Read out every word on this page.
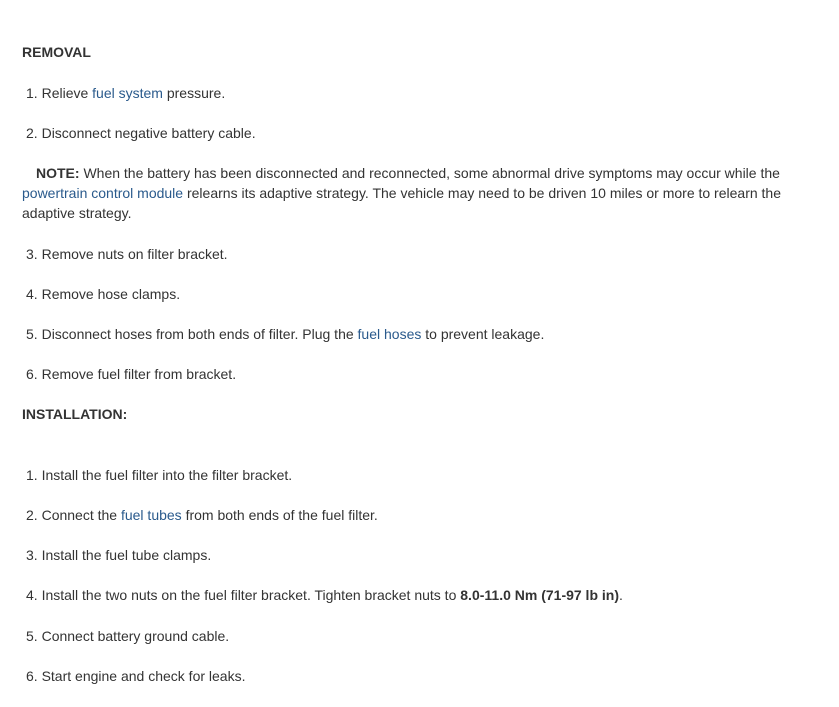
REMOVAL
1. Relieve fuel system pressure.
2. Disconnect negative battery cable.
NOTE: When the battery has been disconnected and reconnected, some abnormal drive symptoms may occur while the powertrain control module relearns its adaptive strategy. The vehicle may need to be driven 10 miles or more to relearn the adaptive strategy.
3. Remove nuts on filter bracket.
4. Remove hose clamps.
5. Disconnect hoses from both ends of filter. Plug the fuel hoses to prevent leakage.
6. Remove fuel filter from bracket.
INSTALLATION:
1. Install the fuel filter into the filter bracket.
2. Connect the fuel tubes from both ends of the fuel filter.
3. Install the fuel tube clamps.
4. Install the two nuts on the fuel filter bracket. Tighten bracket nuts to 8.0-11.0 Nm (71-97 lb in).
5. Connect battery ground cable.
6. Start engine and check for leaks.
